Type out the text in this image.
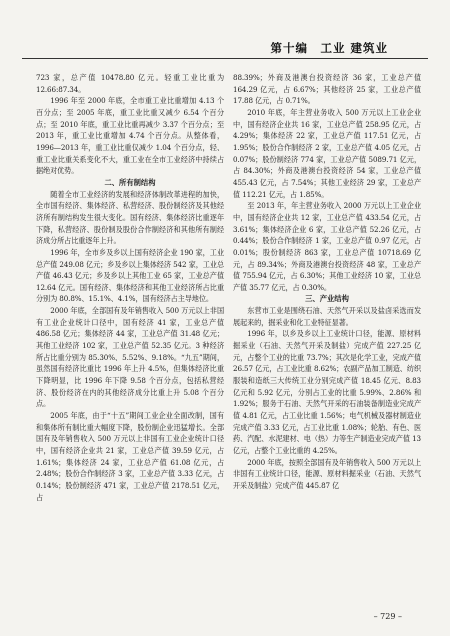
第十编　工业 建筑业

723 家，总产值 10478.80 亿元。轻重工业比重为 12.66:87.34。

1996 年至 2000 年底，全市重工业比重增加 4.13 个百分点；至 2005 年底，重工业比重又减少 6.54 个百分点；至 2010 年底，重工业比重再减少 3.37 个百分点；至 2013 年，重工业比重增加 4.74 个百分点。从整体看，1996—2013 年，重工业比重仅减少 1.04 个百分点，轻、重工业比重关系变化不大，重工业在全市工业经济中持续占据绝对优势。

二、所有制结构

随着全市工业经济的发展和经济体制改革进程的加快，全市国有经济、集体经济、私营经济、股份制经济及其他经济所有制结构发生很大变化。国有经济、集体经济比重逐年下降，私营经济、股份制及股份合作制经济和其他所有制经济成分所占比重逐年上升。

1996 年，全市乡及乡以上国有经济企业 190 家，工业总产值 249.08 亿元；乡及乡以上集体经济 542 家，工业总产值 46.43 亿元；乡及乡以上其他工业 65 家，工业总产值 12.64 亿元。国有经济、集体经济和其他工业经济所占比重分别为 80.8%、15.1%、4.1%，国有经济占主导地位。

2000 年底，全部国有及年销售收入 500 万元以上非国有工业企业统计口径中，国有经济 41 家，工业总产值 486.58 亿元；集体经济 44 家，工业总产值 31.48 亿元；其他工业经济 102 家，工业总产值 52.35 亿元。3 种经济所占比重分别为 85.30%、5.52%、9.18%。“九五”期间，虽然国有经济比重比 1996 年上升 4.5%，但集体经济比重下降明显，比 1996 年下降 9.58 个百分点，包括私营经济、股份经济在内的其他经济成分比重上升 5.08 个百分点。

2005 年底，由于“十五”期间工业企业全面改制，国有和集体所有制比重大幅度下降，股份制企业迅猛增长。全部国有及年销售收入 500 万元以上非国有工业企业统计口径中，国有经济企业共 21 家，工业总产值 39.59 亿元，占 1.61%；集体经济 24 家，工业总产值 61.08 亿元，占 2.48%；股份合作制经济 3 家，工业总产值 3.33 亿元，占 0.14%；股份制经济 471 家，工业总产值 2178.51 亿元，占

88.39%；外商及港澳台投资经济 36 家，工业总产值 164.29 亿元，占 6.67%；其他经济 25 家，工业总产值 17.88 亿元，占 0.71%。

2010 年底，年主营业务收入 500 万元以上工业企业中，国有经济企业共 16 家，工业总产值 258.95 亿元，占 4.29%；集体经济 22 家，工业总产值 117.51 亿元，占 1.95%；股份合作制经济 2 家，工业总产值 4.05 亿元，占 0.07%；股份制经济 774 家，工业总产值 5089.71 亿元，占 84.30%；外商及港澳台投资经济 54 家，工业总产值 455.43 亿元，占 7.54%；其他工业经济 29 家，工业总产值 112.21 亿元，占 1.85%。

至 2013 年，年主营业务收入 2000 万元以上工业企业中，国有经济企业共 12 家，工业总产值 433.54 亿元，占 3.61%；集体经济企业 6 家，工业总产值 52.26 亿元，占 0.44%；股份合作制经济 1 家，工业总产值 0.97 亿元，占 0.01%；股份制经济 863 家，工业总产值 10718.69 亿元，占 89.34%；外商及港澳台投资经济 48 家，工业总产值 755.94 亿元，占 6.30%；其他工业经济 10 家，工业总产值 35.77 亿元，占 0.30%。

三、产业结构

东营市工业是围绕石油、天然气开采以及盐卤采选而发展起来的，掘采业和化工业特征显著。

1996 年，以乡及乡以上工业统计口径，能源、原材料掘采业（石油、天然气开采及制盐）完成产值 227.25 亿元，占整个工业的比重 73.7%；其次是化学工业，完成产值 26.57 亿元，占工业比重 8.62%；农副产品加工制造、纺织服装和造纸三大传统工业分别完成产值 18.45 亿元、8.83 亿元和 5.92 亿元，分别占工业的比重 5.99%、2.86% 和 1.92%；服务于石油、天然气开采的石油装备制造业完成产值 4.81 亿元，占工业比重 1.56%；电气机械及器材制造业完成产值 3.33 亿元，占工业比重 1.08%；轮胎、有色、医药、汽配、水泥建材、电（热）力等生产制造业完成产值 13 亿元，占整个工业比重的 4.25%。

2000 年底，按照全部国有及年销售收入 500 万元以上非国有工业统计口径，能源、原材料掘采业（石油、天然气开采及制盐）完成产值 445.87 亿

– 729 –
